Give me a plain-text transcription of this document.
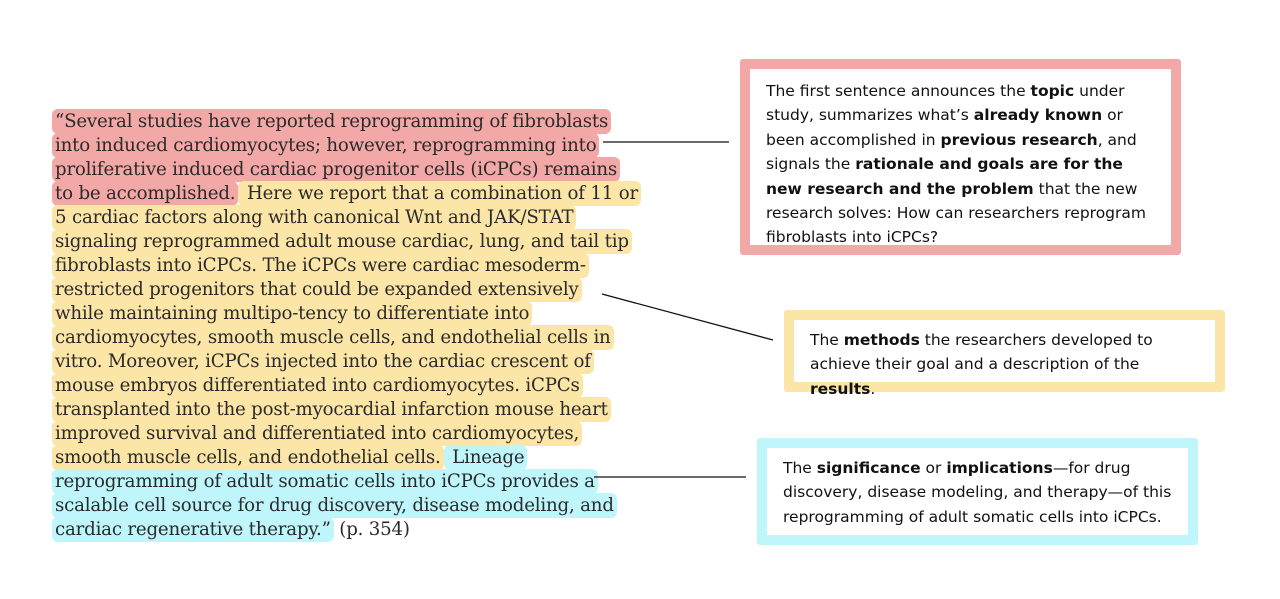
“Several studies have reported reprogramming of fibroblasts
into induced cardiomyocytes; however, reprogramming into
proliferative induced cardiac progenitor cells (iCPCs) remains
to be accomplished. Here we report that a combination of 11 or
5 cardiac factors along with canonical Wnt and JAK/STAT
signaling reprogrammed adult mouse cardiac, lung, and tail tip
fibroblasts into iCPCs. The iCPCs were cardiac mesoderm-
restricted progenitors that could be expanded extensively
while maintaining multipo-tency to differentiate into
cardiomyocytes, smooth muscle cells, and endothelial cells in
vitro. Moreover, iCPCs injected into the cardiac crescent of
mouse embryos differentiated into cardiomyocytes. iCPCs
transplanted into the post-myocardial infarction mouse heart
improved survival and differentiated into cardiomyocytes,
smooth muscle cells, and endothelial cells. Lineage
reprogramming of adult somatic cells into iCPCs provides a
scalable cell source for drug discovery, disease modeling, and
cardiac regenerative therapy.” (p. 354)
The first sentence announces the topic under study, summarizes what’s already known or been accomplished in previous research, and signals the rationale and goals are for the new research and the problem that the new research solves: How can researchers reprogram fibroblasts into iCPCs?
The methods the researchers developed to achieve their goal and a description of the results.
The significance or implications—for drug discovery, disease modeling, and therapy—of this reprogramming of adult somatic cells into iCPCs.
